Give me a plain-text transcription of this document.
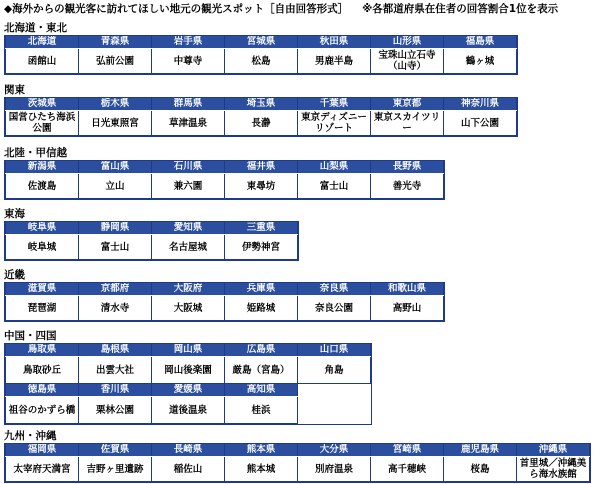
◆海外からの観光客に訪れてほしい地元の観光スポット［自由回答形式］ ※各都道府県在住者の回答割合1位を表示
北海道・東北
北海道	青森県	岩手県	宮城県	秋田県	山形県	福島県
函館山	弘前公園	中尊寺	松島	男鹿半島	宝珠山立石寺（山寺）	鶴ヶ城
関東
茨城県	栃木県	群馬県	埼玉県	千葉県	東京都	神奈川県
国営ひたち海浜公園	日光東照宮	草津温泉	長瀞	東京ディズニーリゾート	東京スカイツリー	山下公園
北陸・甲信越
新潟県	富山県	石川県	福井県	山梨県	長野県
佐渡島	立山	兼六園	東尋坊	富士山	善光寺
東海
岐阜県	静岡県	愛知県	三重県
岐阜城	富士山	名古屋城	伊勢神宮
近畿
滋賀県	京都府	大阪府	兵庫県	奈良県	和歌山県
琵琶湖	清水寺	大阪城	姫路城	奈良公園	高野山
中国・四国
鳥取県	島根県	岡山県	広島県	山口県
鳥取砂丘	出雲大社	岡山後楽園	厳島（宮島）	角島
徳島県	香川県	愛媛県	高知県	
祖谷のかずら橋	栗林公園	道後温泉	桂浜	
九州・沖縄
福岡県	佐賀県	長崎県	熊本県	大分県	宮崎県	鹿児島県	沖縄県
太宰府天満宮	吉野ヶ里遺跡	稲佐山	熊本城	別府温泉	高千穂峡	桜島	首里城／沖縄美ら海水族館
